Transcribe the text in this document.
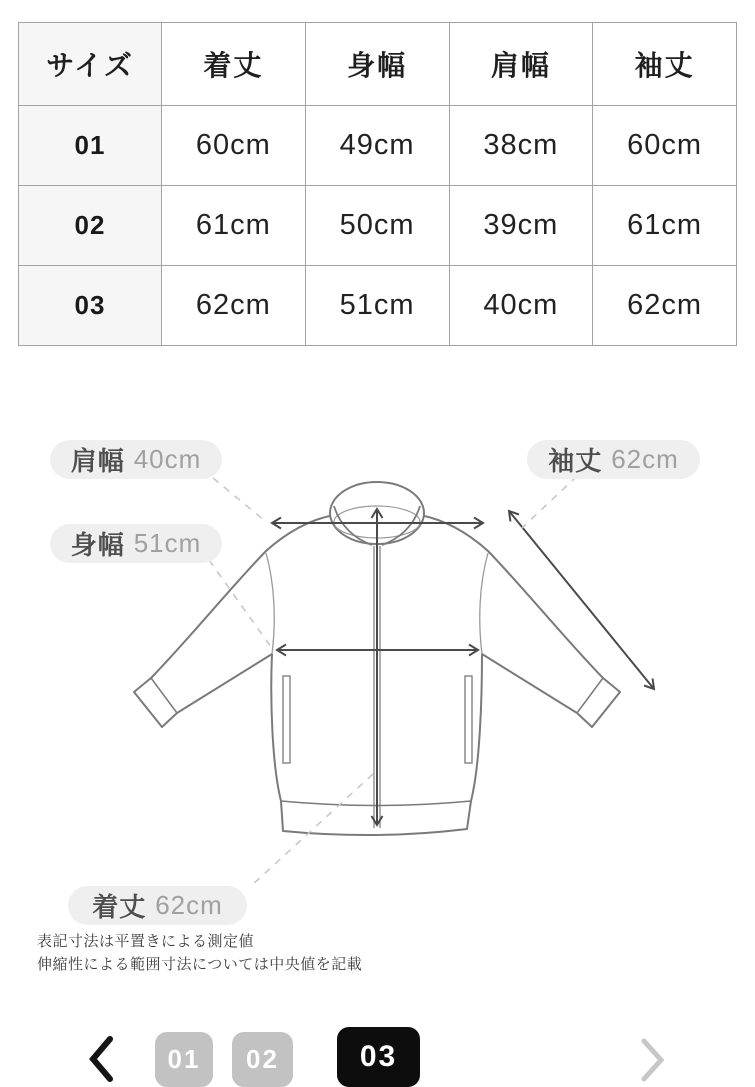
サイズ	着丈	身幅	肩幅	袖丈
01	60cm	49cm	38cm	60cm
02	61cm	50cm	39cm	61cm
03	62cm	51cm	40cm	62cm
肩幅 40cm	袖丈 62cm
身幅 51cm
着丈 62cm
表記寸法は平置きによる測定値
伸縮性による範囲寸法については中央値を記載
01	02	03
